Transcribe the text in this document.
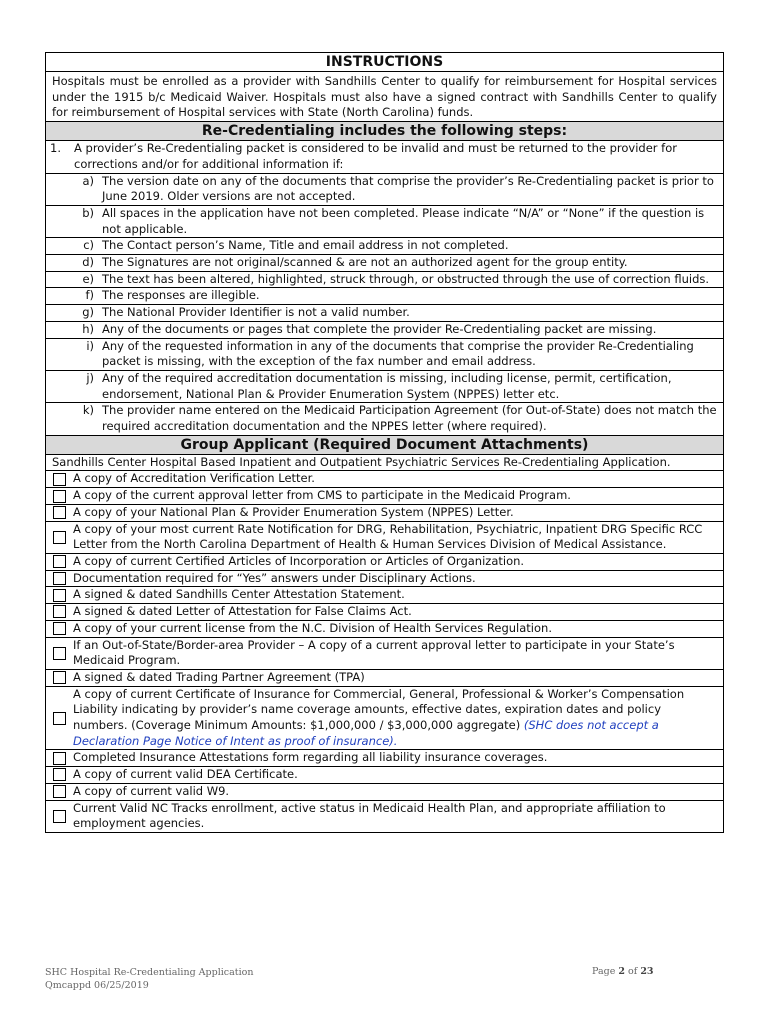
INSTRUCTIONS
Hospitals must be enrolled as a provider with Sandhills Center to qualify for reimbursement for Hospital services under the 1915 b/c Medicaid Waiver. Hospitals must also have a signed contract with Sandhills Center to qualify for reimbursement of Hospital services with State (North Carolina) funds.
Re-Credentialing includes the following steps:
1.	A provider’s Re-Credentialing packet is considered to be invalid and must be returned to the provider for corrections and/or for additional information if:
a) The version date on any of the documents that comprise the provider’s Re-Credentialing packet is prior to June 2019. Older versions are not accepted.
b) All spaces in the application have not been completed. Please indicate “N/A” or “None” if the question is not applicable.
c) The Contact person’s Name, Title and email address in not completed.
d) The Signatures are not original/scanned & are not an authorized agent for the group entity.
e) The text has been altered, highlighted, struck through, or obstructed through the use of correction fluids.
f) The responses are illegible.
g) The National Provider Identifier is not a valid number.
h) Any of the documents or pages that complete the provider Re-Credentialing packet are missing.
i) Any of the requested information in any of the documents that comprise the provider Re-Credentialing packet is missing, with the exception of the fax number and email address.
j) Any of the required accreditation documentation is missing, including license, permit, certification, endorsement, National Plan & Provider Enumeration System (NPPES) letter etc.
k) The provider name entered on the Medicaid Participation Agreement (for Out-of-State) does not match the required accreditation documentation and the NPPES letter (where required).
Group Applicant (Required Document Attachments)
Sandhills Center Hospital Based Inpatient and Outpatient Psychiatric Services Re-Credentialing Application.
A copy of Accreditation Verification Letter.
A copy of the current approval letter from CMS to participate in the Medicaid Program.
A copy of your National Plan & Provider Enumeration System (NPPES) Letter.
A copy of your most current Rate Notification for DRG, Rehabilitation, Psychiatric, Inpatient DRG Specific RCC Letter from the North Carolina Department of Health & Human Services Division of Medical Assistance.
A copy of current Certified Articles of Incorporation or Articles of Organization.
Documentation required for “Yes” answers under Disciplinary Actions.
A signed & dated Sandhills Center Attestation Statement.
A signed & dated Letter of Attestation for False Claims Act.
A copy of your current license from the N.C. Division of Health Services Regulation.
If an Out-of-State/Border-area Provider – A copy of a current approval letter to participate in your State’s Medicaid Program.
A signed & dated Trading Partner Agreement (TPA)
A copy of current Certificate of Insurance for Commercial, General, Professional & Worker’s Compensation Liability indicating by provider’s name coverage amounts, effective dates, expiration dates and policy numbers. (Coverage Minimum Amounts: $1,000,000 / $3,000,000 aggregate) (SHC does not accept a Declaration Page Notice of Intent as proof of insurance).
Completed Insurance Attestations form regarding all liability insurance coverages.
A copy of current valid DEA Certificate.
A copy of current valid W9.
Current Valid NC Tracks enrollment, active status in Medicaid Health Plan, and appropriate affiliation to employment agencies.
SHC Hospital Re-Credentialing Application
Qmcappd 06/25/2019
Page 2 of 23
